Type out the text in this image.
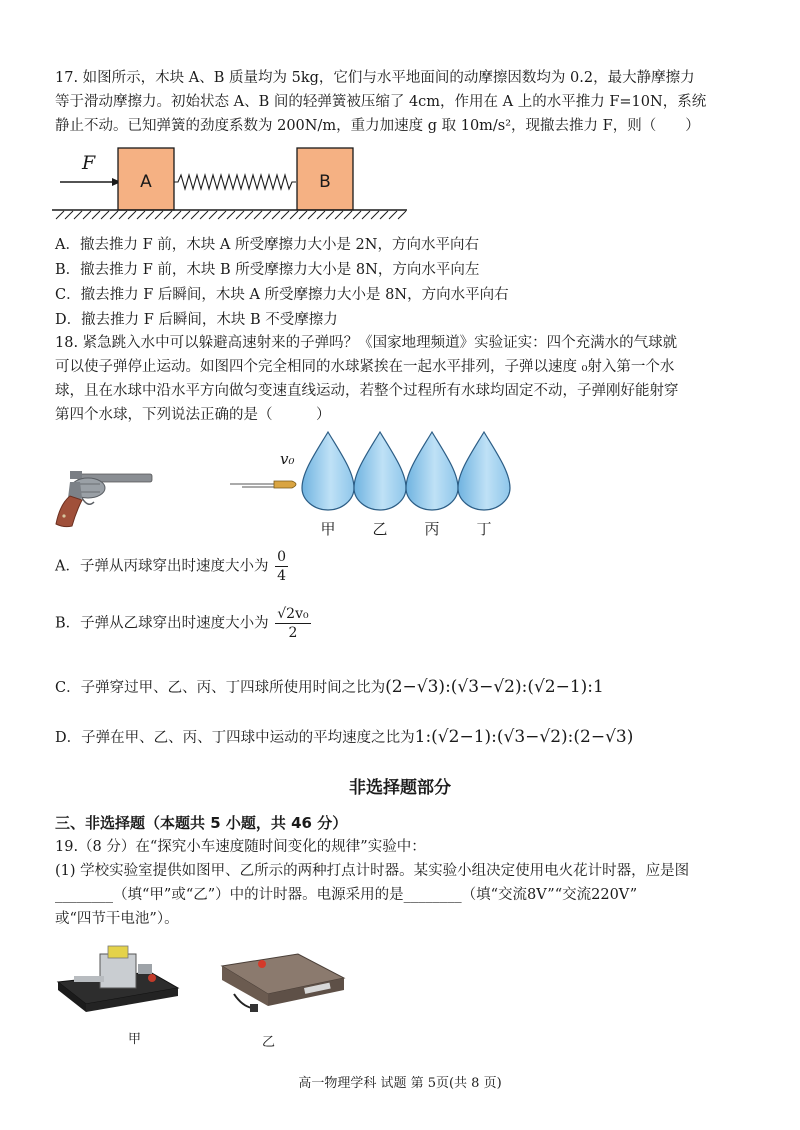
17. 如图所示，木块 A、B 质量均为 5kg，它们与水平地面间的动摩擦因数均为 0.2，最大静摩擦力
等于滑动摩擦力。初始状态 A、B 间的轻弹簧被压缩了 4cm，作用在 A 上的水平推力 F=10N，系统
静止不动。已知弹簧的劲度系数为 200N/m，重力加速度 g 取 10m/s²，现撤去推力 F，则（　　）
F
A	B
A．撤去推力 F 前，木块 A 所受摩擦力大小是 2N，方向水平向右
B．撤去推力 F 前，木块 B 所受摩擦力大小是 8N，方向水平向左
C．撤去推力 F 后瞬间，木块 A 所受摩擦力大小是 8N，方向水平向右
D．撤去推力 F 后瞬间，木块 B 不受摩擦力
18. 紧急跳入水中可以躲避高速射来的子弹吗？《国家地理频道》实验证实：四个充满水的气球就
可以使子弹停止运动。如图四个完全相同的水球紧挨在一起水平排列，子弹以速度 ₀射入第一个水
球，且在水球中沿水平方向做匀变速直线运动，若整个过程所有水球均固定不动，子弹刚好能射穿
第四个水球，下列说法正确的是（　　　）
v₀
甲 乙 丙 丁
A．子弹从丙球穿出时速度大小为 $\frac{0}{4}$
B．子弹从乙球穿出时速度大小为 $\frac{\text{√2v₀}}{2}$
C．子弹穿过甲、乙、丙、丁四球所使用时间之比为(2−√3):(√3−√2):(√2−1):1
D．子弹在甲、乙、丙、丁四球中运动的平均速度之比为1:(√2−1):(√3−√2):(2−√3)
非选择题部分
三、非选择题（本题共 5 小题，共 46 分）
19.（8 分）在“探究小车速度随时间变化的规律”实验中：
(1) 学校实验室提供如图甲、乙所示的两种打点计时器。某实验小组决定使用电火花计时器，应是图
________（填“甲”或“乙”）中的计时器。电源采用的是________（填“交流8V”“交流220V”
或“四节干电池”）。
甲	乙
高一物理学科 试题 第 5页(共 8 页)
